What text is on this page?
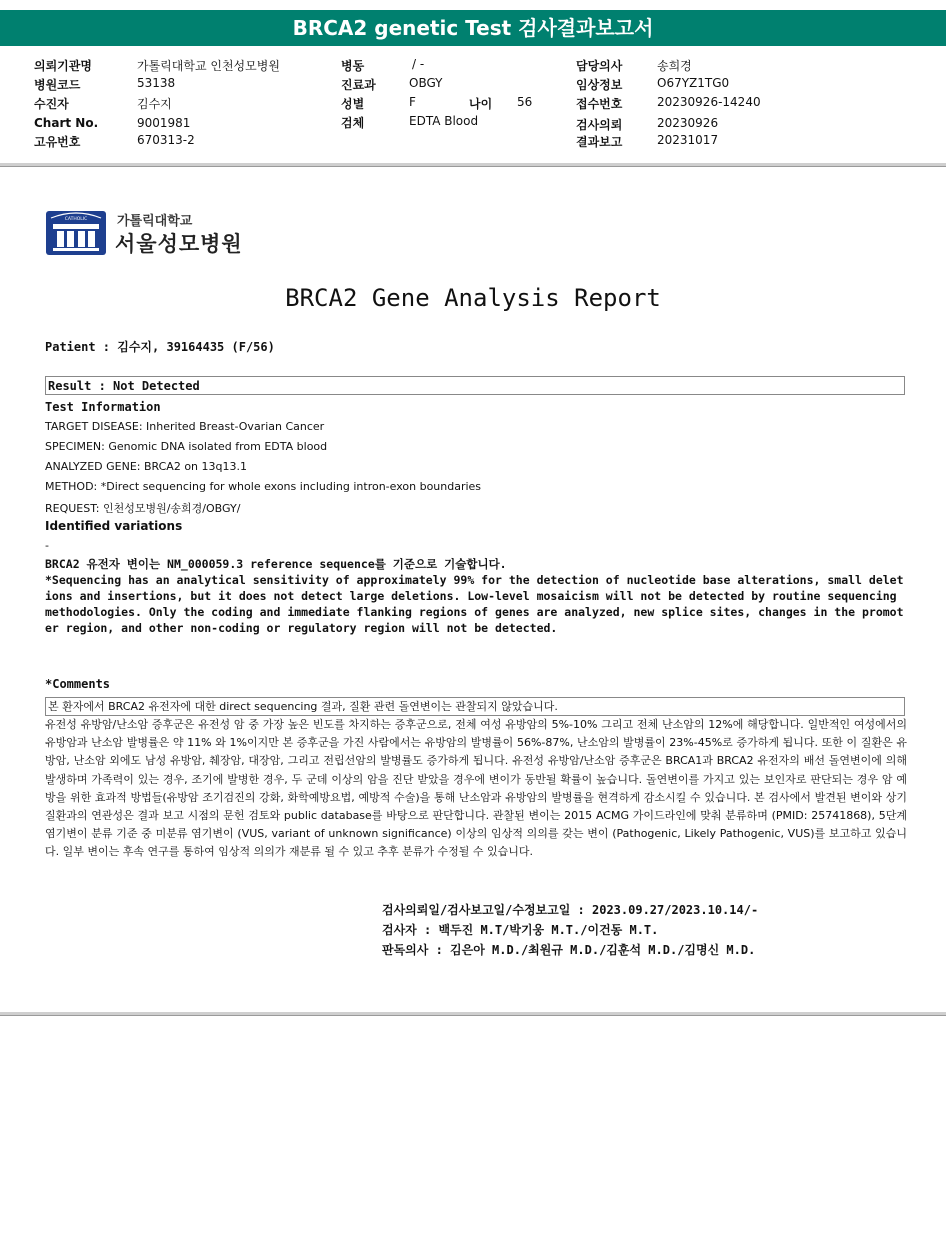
BRCA2 genetic Test 검사결과보고서
의뢰기관명	가톨릭대학교 인천성모병원
병원코드	53138
수진자	김수지
Chart No.	9001981
고유번호	670313-2
병동	/ -
진료과	OBGY
성별	F	나이 56
검체	EDTA Blood
담당의사	송희경
임상정보	O67YZ1TG0
접수번호	20230926-14240
검사의뢰	20230926
결과보고	20231017
CATHOLIC 가톨릭대학교
서울성모병원
BRCA2 Gene Analysis Report
Patient : 김수지, 39164435 (F/56)
Result : Not Detected
Test Information
TARGET DISEASE: Inherited Breast-Ovarian Cancer
SPECIMEN: Genomic DNA isolated from EDTA blood
ANALYZED GENE: BRCA2 on 13q13.1
METHOD: *Direct sequencing for whole exons including intron-exon boundaries
REQUEST: 인천성모병원/송희경/OBGY/
Identified variations
-
BRCA2 유전자 변이는 NM_000059.3 reference sequence를 기준으로 기술합니다.
*Sequencing has an analytical sensitivity of approximately 99% for the detection of nucleotide base alterations, small deletions and insertions, but it does not detect large deletions. Low-level mosaicism will not be detected by routine sequencing methodologies. Only the coding and immediate flanking regions of genes are analyzed, new splice sites, changes in the promoter region, and other non-coding or regulatory region will not be detected.
*Comments
본 환자에서 BRCA2 유전자에 대한 direct sequencing 결과, 질환 관련 돌연변이는 관찰되지 않았습니다.
유전성 유방암/난소암 증후군은 유전성 암 중 가장 높은 빈도를 차지하는 증후군으로, 전체 여성 유방암의 5%-10% 그리고 전체 난소암의 12%에 해당합니다. 일반적인 여성에서의 유방암과 난소암 발병률은 약 11% 와 1%이지만 본 증후군을 가진 사람에서는 유방암의 발병률이 56%-87%, 난소암의 발병률이 23%-45%로 증가하게 됩니다. 또한 이 질환은 유방암, 난소암 외에도 남성 유방암, 췌장암, 대장암, 그리고 전립선암의 발병률도 증가하게 됩니다. 유전성 유방암/난소암 증후군은 BRCA1과 BRCA2 유전자의 배선 돌연변이에 의해 발생하며 가족력이 있는 경우, 조기에 발병한 경우, 두 군데 이상의 암을 진단 받았을 경우에 변이가 동반될 확률이 높습니다. 돌연변이를 가지고 있는 보인자로 판단되는 경우 암 예방을 위한 효과적 방법들(유방암 조기검진의 강화, 화학예방요법, 예방적 수술)을 통해 난소암과 유방암의 발병률을 현격하게 감소시킬 수 있습니다. 본 검사에서 발견된 변이와 상기 질환과의 연관성은 결과 보고 시점의 문헌 검토와 public database를 바탕으로 판단합니다. 관찰된 변이는 2015 ACMG 가이드라인에 맞춰 분류하며 (PMID: 25741868), 5단계 염기변이 분류 기준 중 미분류 염기변이 (VUS, variant of unknown significance) 이상의 임상적 의의를 갖는 변이 (Pathogenic, Likely Pathogenic, VUS)를 보고하고 있습니다. 일부 변이는 후속 연구를 통하여 임상적 의의가 재분류 될 수 있고 추후 분류가 수정될 수 있습니다.
검사의뢰일/검사보고일/수정보고일 : 2023.09.27/2023.10.14/-
검사자 : 백두진 M.T/박기웅 M.T./이건동 M.T.
판독의사 : 김은아 M.D./최원규 M.D./김훈석 M.D./김명신 M.D.
